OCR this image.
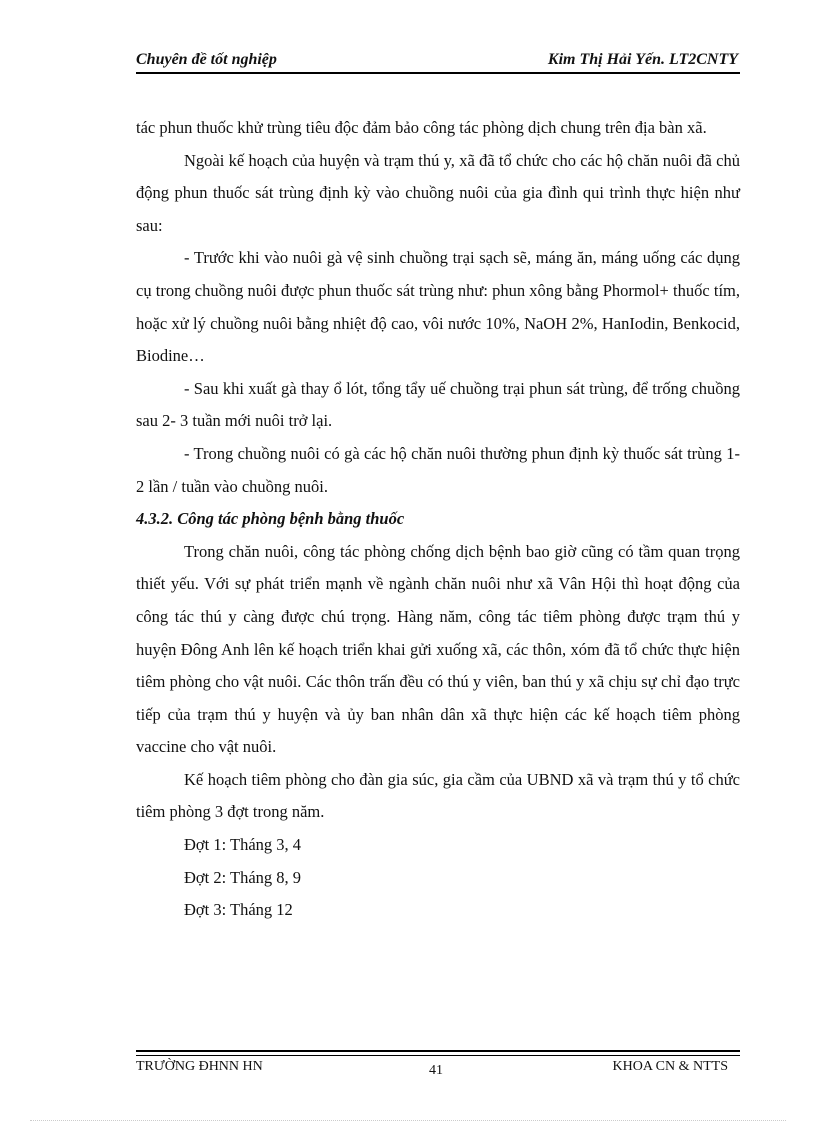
Chuyên đề tốt nghiệp	Kim Thị Hải Yến. LT2CNTY

tác phun thuốc khử trùng tiêu độc đảm bảo công tác phòng dịch chung trên địa bàn xã.

Ngoài kế hoạch của huyện và trạm thú y, xã đã tổ chức cho các hộ chăn nuôi đã chủ động phun thuốc sát trùng định kỳ vào chuồng nuôi của gia đình qui trình thực hiện như sau:

- Trước khi vào nuôi gà vệ sinh chuồng trại sạch sẽ, máng ăn, máng uống các dụng cụ trong chuồng nuôi được phun thuốc sát trùng như: phun xông bằng Phormol+ thuốc tím, hoặc xử lý chuồng nuôi bằng nhiệt độ cao, vôi nước 10%, NaOH 2%, HanIodin, Benkocid, Biodine…

- Sau khi xuất gà thay ổ lót, tổng tẩy uế chuồng trại phun sát trùng, để trống chuồng sau 2- 3 tuần mới nuôi trở lại.

- Trong chuồng nuôi có gà các hộ chăn nuôi thường phun định kỳ thuốc sát trùng 1-2 lần / tuần vào chuồng nuôi.

4.3.2. Công tác phòng bệnh bằng thuốc

Trong chăn nuôi, công tác phòng chống dịch bệnh bao giờ cũng có tầm quan trọng thiết yếu. Với sự phát triển mạnh về ngành chăn nuôi như xã Vân Hội thì hoạt động của công tác thú y càng được chú trọng. Hàng năm, công tác tiêm phòng được trạm thú y huyện Đông Anh lên kế hoạch triển khai gửi xuống xã, các thôn, xóm đã tổ chức thực hiện tiêm phòng cho vật nuôi. Các thôn trấn đều có thú y viên, ban thú y xã chịu sự chỉ đạo trực tiếp của trạm thú y huyện và ủy ban nhân dân xã thực hiện các kế hoạch tiêm phòng vaccine cho vật nuôi.

Kế hoạch tiêm phòng cho đàn gia súc, gia cầm của UBND xã và trạm thú y tổ chức tiêm phòng 3 đợt trong năm.

Đợt 1: Tháng 3, 4

Đợt 2: Tháng 8, 9

Đợt 3: Tháng 12

TRƯỜNG ĐHNN HN	41	KHOA CN & NTTS
